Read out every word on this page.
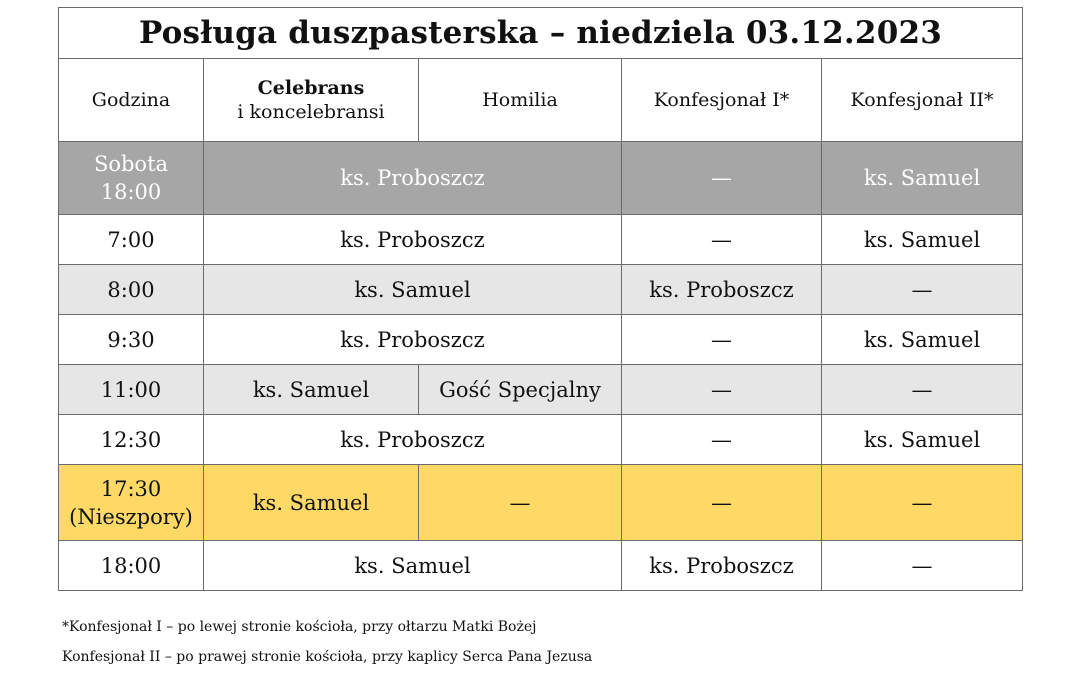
Posługa duszpasterska – niedziela 03.12.2023				
Godzina	Celebrans
i koncelebransi	Homilia	Konfesjonał I*	Konfesjonał II*

Sobota
18:00	ks. Proboszcz		—	ks. Samuel
7:00	ks. Proboszcz		—	ks. Samuel
8:00	ks. Samuel		ks. Proboszcz	—
9:30	ks. Proboszcz		—	ks. Samuel
11:00	ks. Samuel	Gość Specjalny	—	—
12:30	ks. Proboszcz		—	ks. Samuel

17:30
(Nieszpory)	ks. Samuel	—	—	—
18:00	ks. Samuel		ks. Proboszcz	—

*Konfesjonał I – po lewej stronie kościoła, przy ołtarzu Matki Bożej

Konfesjonał II – po prawej stronie kościoła, przy kaplicy Serca Pana Jezusa
